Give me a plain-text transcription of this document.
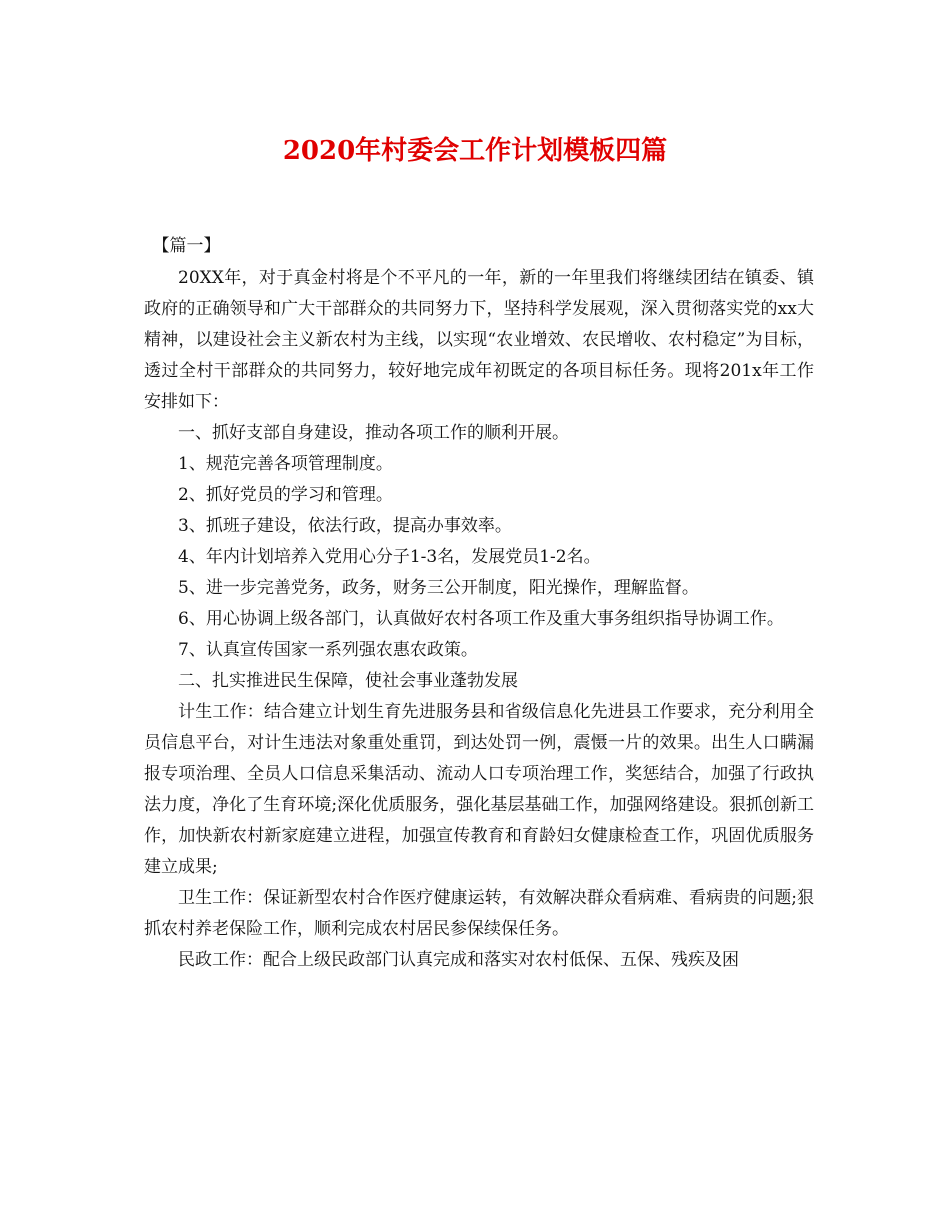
2020年村委会工作计划模板四篇

【篇一】

20XX年，对于真金村将是个不平凡的一年，新的一年里我们将继续团结在镇委、镇政府的正确领导和广大干部群众的共同努力下，坚持科学发展观，深入贯彻落实党的xx大精神，以建设社会主义新农村为主线，以实现“农业增效、农民增收、农村稳定”为目标，透过全村干部群众的共同努力，较好地完成年初既定的各项目标任务。现将201x年工作安排如下：

一、抓好支部自身建设，推动各项工作的顺利开展。

1、规范完善各项管理制度。

2、抓好党员的学习和管理。

3、抓班子建设，依法行政，提高办事效率。

4、年内计划培养入党用心分子1-3名，发展党员1-2名。

5、进一步完善党务，政务，财务三公开制度，阳光操作，理解监督。

6、用心协调上级各部门，认真做好农村各项工作及重大事务组织指导协调工作。

7、认真宣传国家一系列强农惠农政策。

二、扎实推进民生保障，使社会事业蓬勃发展

计生工作：结合建立计划生育先进服务县和省级信息化先进县工作要求，充分利用全员信息平台，对计生违法对象重处重罚，到达处罚一例，震慑一片的效果。出生人口瞒漏报专项治理、全员人口信息采集活动、流动人口专项治理工作，奖惩结合，加强了行政执法力度，净化了生育环境;深化优质服务，强化基层基础工作，加强网络建设。狠抓创新工作，加快新农村新家庭建立进程，加强宣传教育和育龄妇女健康检查工作，巩固优质服务建立成果;

卫生工作：保证新型农村合作医疗健康运转，有效解决群众看病难、看病贵的问题;狠抓农村养老保险工作，顺利完成农村居民参保续保任务。

民政工作：配合上级民政部门认真完成和落实对农村低保、五保、残疾及困
